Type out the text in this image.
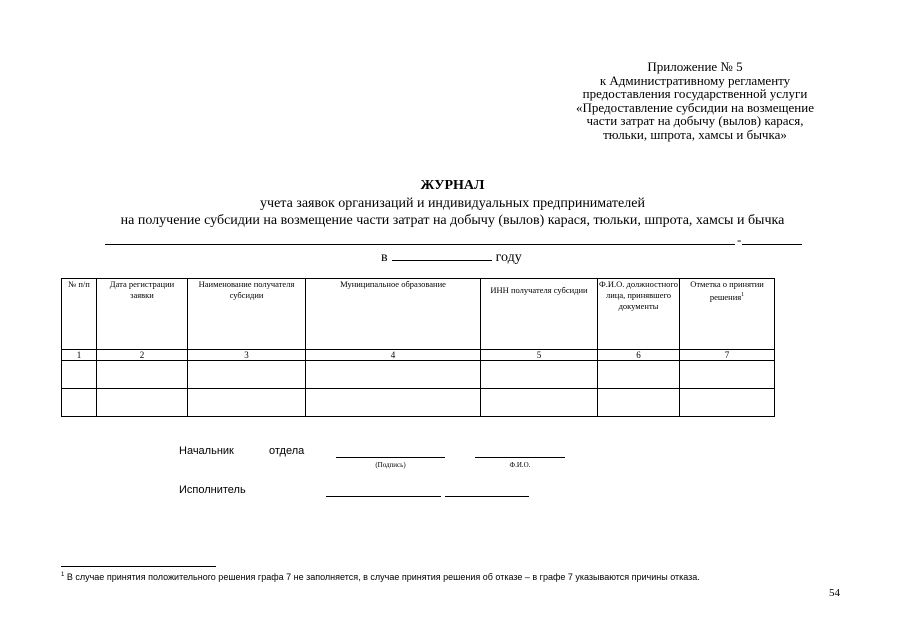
Приложение № 5
к Административному регламенту
предоставления государственной услуги
«Предоставление субсидии на возмещение
части затрат на добычу (вылов) карася,
тюльки, шпрота, хамсы и бычка»
ЖУРНАЛ
учета заявок организаций и индивидуальных предпринимателей
на получение субсидии на возмещение части затрат на добычу (вылов) карася, тюльки, шпрота, хамсы и бычка
-
в	году
№ п/п	Дата регистрации заявки	Наименование получателя субсидии	Муниципальное образование	ИНН получателя субсидии	Ф.И.О. должностного лица, принявшего документы	Отметка о принятии решения$^1$
1	2	3	4	5	6	7

Начальник	отдела
(Подпись)	Ф.И.О.
Исполнитель
$^1$ В случае принятия положительного решения графа 7 не заполняется, в случае принятия решения об отказе – в графе 7 указываются причины отказа.
54
